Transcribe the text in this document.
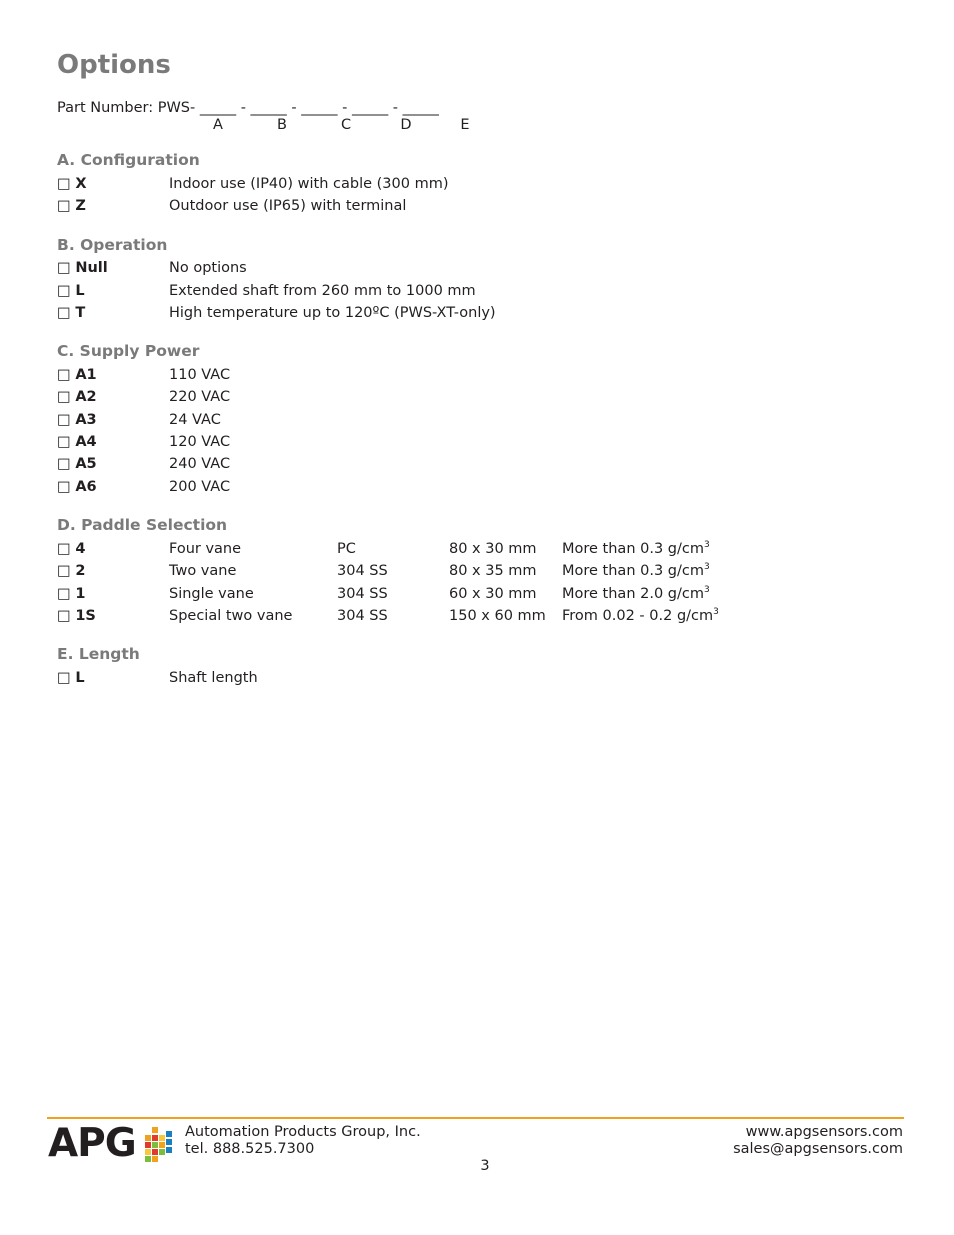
Options
Part Number: PWS- _____ - _____ - _____ - _____ - _____
A	B	C	D	E
A. Configuration
□ X	Indoor use (IP40) with cable (300 mm)
□ Z	Outdoor use (IP65) with terminal
B. Operation
□ Null	No options
□ L	Extended shaft from 260 mm to 1000 mm
□ T	High temperature up to 120ºC (PWS-XT-only)
C. Supply Power
□ A1	110 VAC
□ A2	220 VAC
□ A3	24 VAC
□ A4	120 VAC
□ A5	240 VAC
□ A6	200 VAC
D. Paddle Selection
□ 4	Four vane	PC	80 x 30 mm More than 0.3 $g/cm^3$
□ 2	Two vane	304 SS	80 x 35 mm More than 0.3 $g/cm^3$
□ 1	Single vane	304 SS	60 x 30 mm More than 2.0 $g/cm^3$
□ 1S	Special two vane	304 SS	150 x 60 mm From 0.02 - 0.2 $g/cm^3$
E. Length
□ L	Shaft length
APG	Automation Products Group, Inc.
tel. 888.525.7300
www.apgsensors.com
sales@apgsensors.com
3
